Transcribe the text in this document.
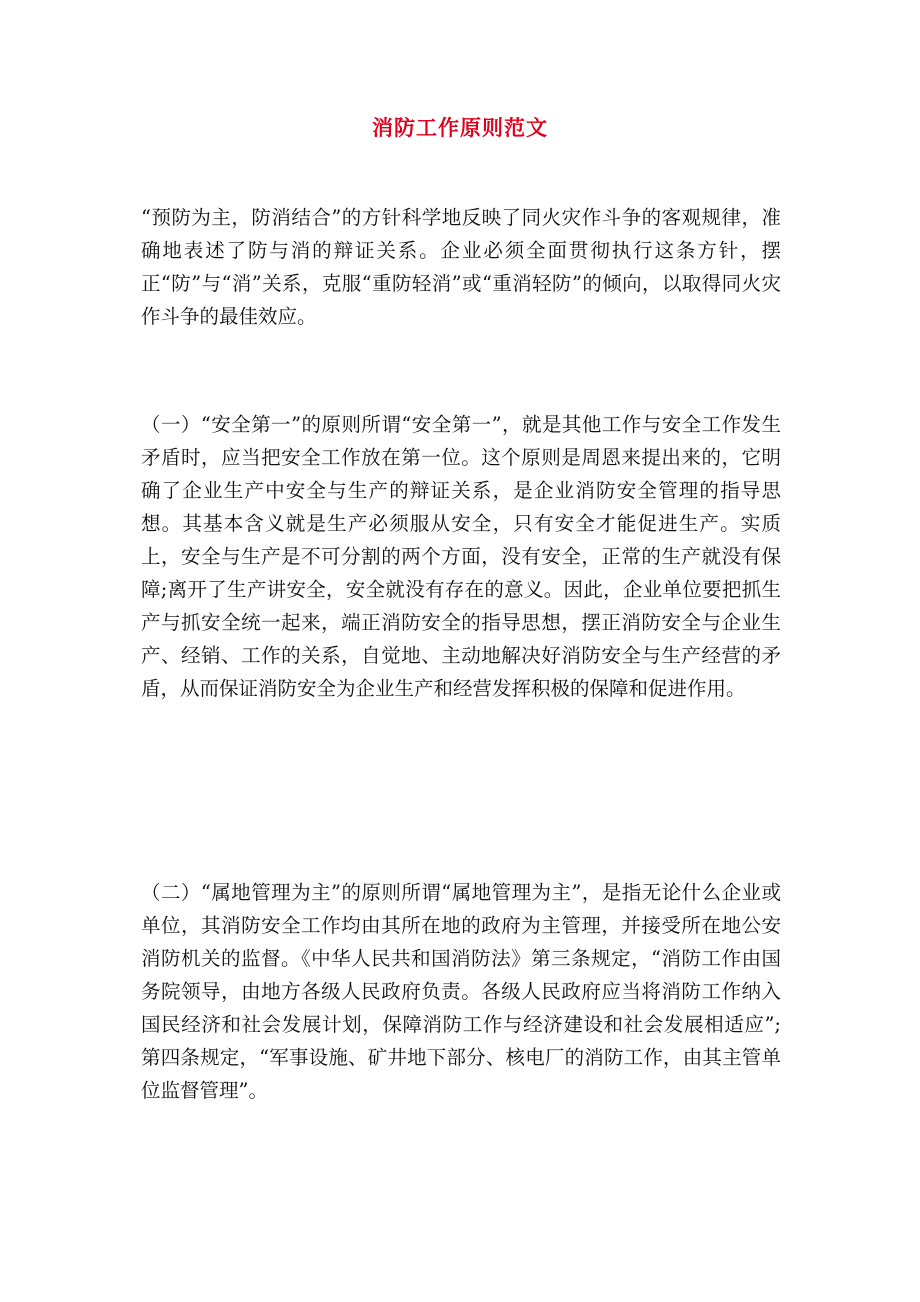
消防工作原则范文

“预防为主，防消结合”的方针科学地反映了同火灾作斗争的客观规律，准确地表述了防与消的辩证关系。企业必须全面贯彻执行这条方针，摆正“防”与“消”关系，克服“重防轻消”或“重消轻防”的倾向，以取得同火灾作斗争的最佳效应。

（一）“安全第一”的原则所谓“安全第一”，就是其他工作与安全工作发生矛盾时，应当把安全工作放在第一位。这个原则是周恩来提出来的，它明确了企业生产中安全与生产的辩证关系，是企业消防安全管理的指导思想。其基本含义就是生产必须服从安全，只有安全才能促进生产。实质上，安全与生产是不可分割的两个方面，没有安全，正常的生产就没有保障;离开了生产讲安全，安全就没有存在的意义。因此，企业单位要把抓生产与抓安全统一起来，端正消防安全的指导思想，摆正消防安全与企业生产、经销、工作的关系，自觉地、主动地解决好消防安全与生产经营的矛盾，从而保证消防安全为企业生产和经营发挥积极的保障和促进作用。

（二）“属地管理为主”的原则所谓“属地管理为主”，是指无论什么企业或单位，其消防安全工作均由其所在地的政府为主管理，并接受所在地公安消防机关的监督。《中华人民共和国消防法》第三条规定，“消防工作由国务院领导，由地方各级人民政府负责。各级人民政府应当将消防工作纳入国民经济和社会发展计划，保障消防工作与经济建设和社会发展相适应”;第四条规定，“军事设施、矿井地下部分、核电厂的消防工作，由其主管单位监督管理”。
